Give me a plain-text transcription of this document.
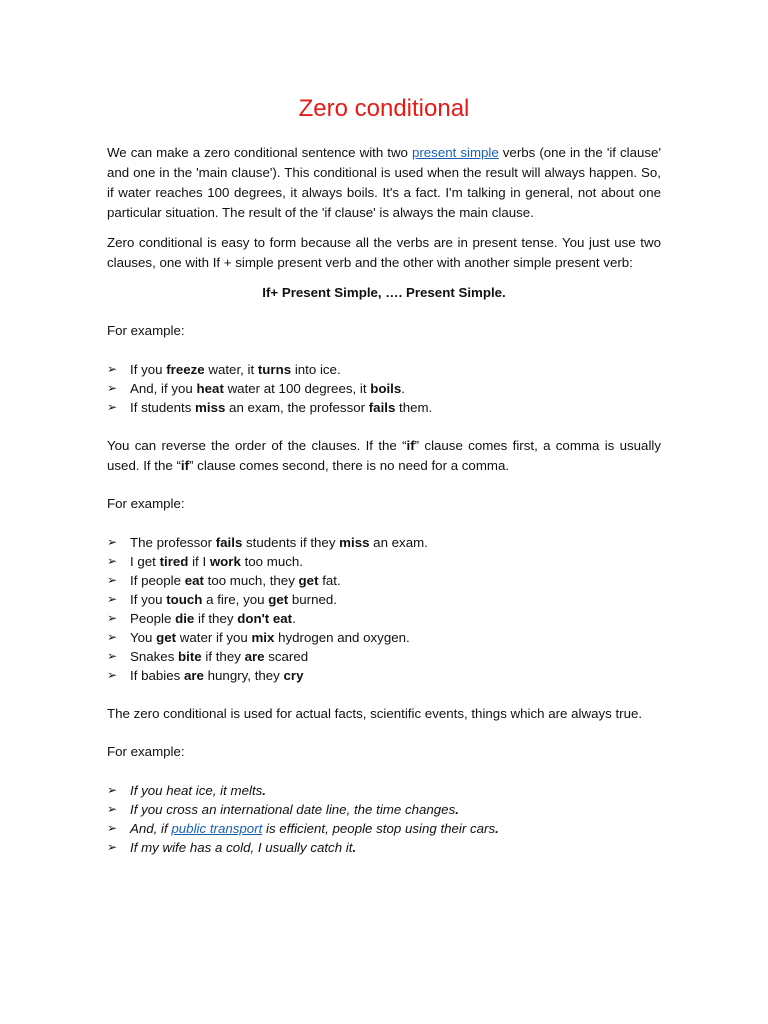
Zero conditional

We can make a zero conditional sentence with two present simple verbs (one in the 'if clause' and one in the 'main clause'). This conditional is used when the result will always happen. So, if water reaches 100 degrees, it always boils. It's a fact. I'm talking in general, not about one particular situation. The result of the 'if clause' is always the main clause.

Zero conditional is easy to form because all the verbs are in present tense. You just use two clauses, one with If + simple present verb and the other with another simple present verb:

If+ Present Simple, …. Present Simple.
For example:
➢
If you freeze water, it turns into ice.
➢
And, if you heat water at 100 degrees, it boils.
➢
If students miss an exam, the professor fails them.

You can reverse the order of the clauses. If the “if” clause comes first, a comma is usually used. If the “if” clause comes second, there is no need for a comma.

For example:
➢
The professor fails students if they miss an exam.
➢
I get tired if I work too much.
➢
If people eat too much, they get fat.
➢
If you touch a fire, you get burned.
➢
People die if they don't eat.
➢
You get water if you mix hydrogen and oxygen.
➢
Snakes bite if they are scared
➢
If babies are hungry, they cry

The zero conditional is used for actual facts, scientific events, things which are always true.

For example:
➢
If you heat ice, it melts.
➢
If you cross an international date line, the time changes.
➢
And, if public transport is efficient, people stop using their cars.
➢
If my wife has a cold, I usually catch it.
